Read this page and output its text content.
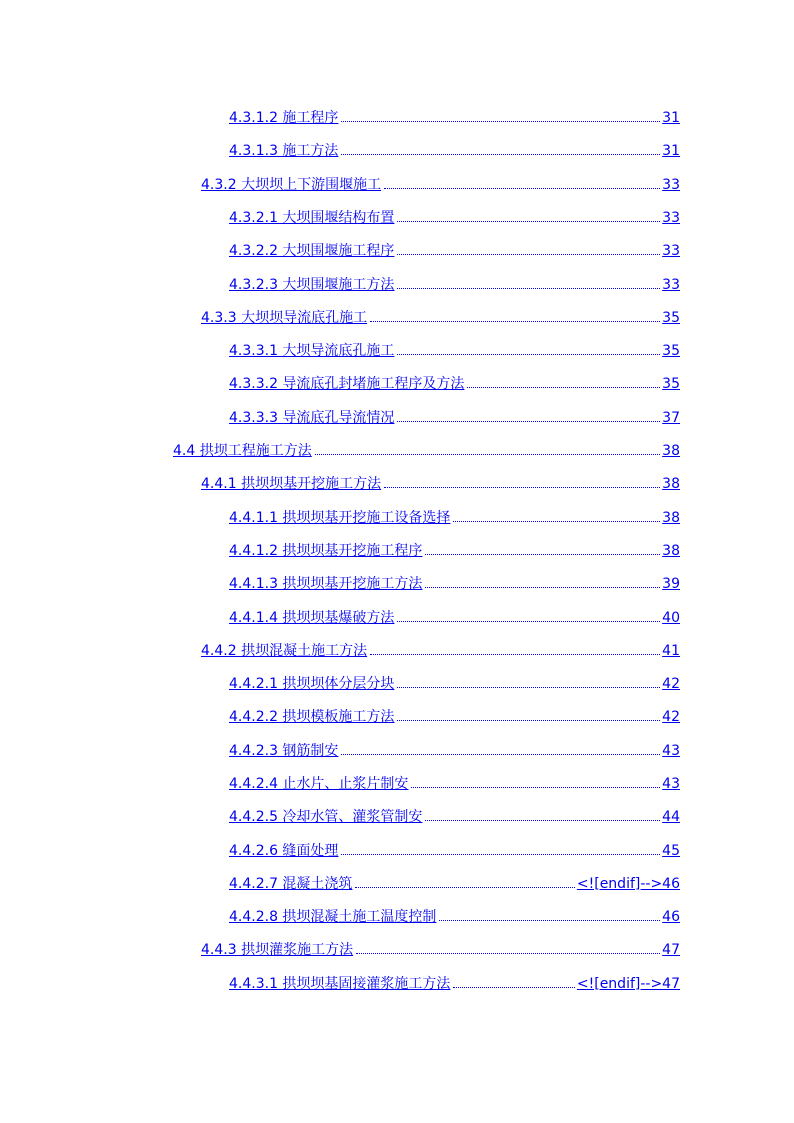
4.3.1.2 施工程序	31
4.3.1.3 施工方法	31
4.3.2 大坝坝上下游围堰施工	33
4.3.2.1 大坝围堰结构布置	33
4.3.2.2 大坝围堰施工程序	33
4.3.2.3 大坝围堰施工方法	33
4.3.3 大坝坝导流底孔施工	35
4.3.3.1 大坝导流底孔施工	35
4.3.3.2 导流底孔封堵施工程序及方法	35
4.3.3.3 导流底孔导流情况	37
4.4 拱坝工程施工方法	38
4.4.1 拱坝坝基开挖施工方法	38
4.4.1.1 拱坝坝基开挖施工设备选择	38
4.4.1.2 拱坝坝基开挖施工程序	38
4.4.1.3 拱坝坝基开挖施工方法	39
4.4.1.4 拱坝坝基爆破方法	40
4.4.2 拱坝混凝土施工方法	41
4.4.2.1 拱坝坝体分层分块	42
4.4.2.2 拱坝模板施工方法	42
4.4.2.3 钢筋制安	43
4.4.2.4 止水片、止浆片制安	43
4.4.2.5 冷却水管、灌浆管制安	44
4.4.2.6 缝面处理	45
4.4.2.7 混凝土浇筑	<![endif]-->46
4.4.2.8 拱坝混凝土施工温度控制	46
4.4.3 拱坝灌浆施工方法	47
4.4.3.1 拱坝坝基固接灌浆施工方法	<![endif]-->47
